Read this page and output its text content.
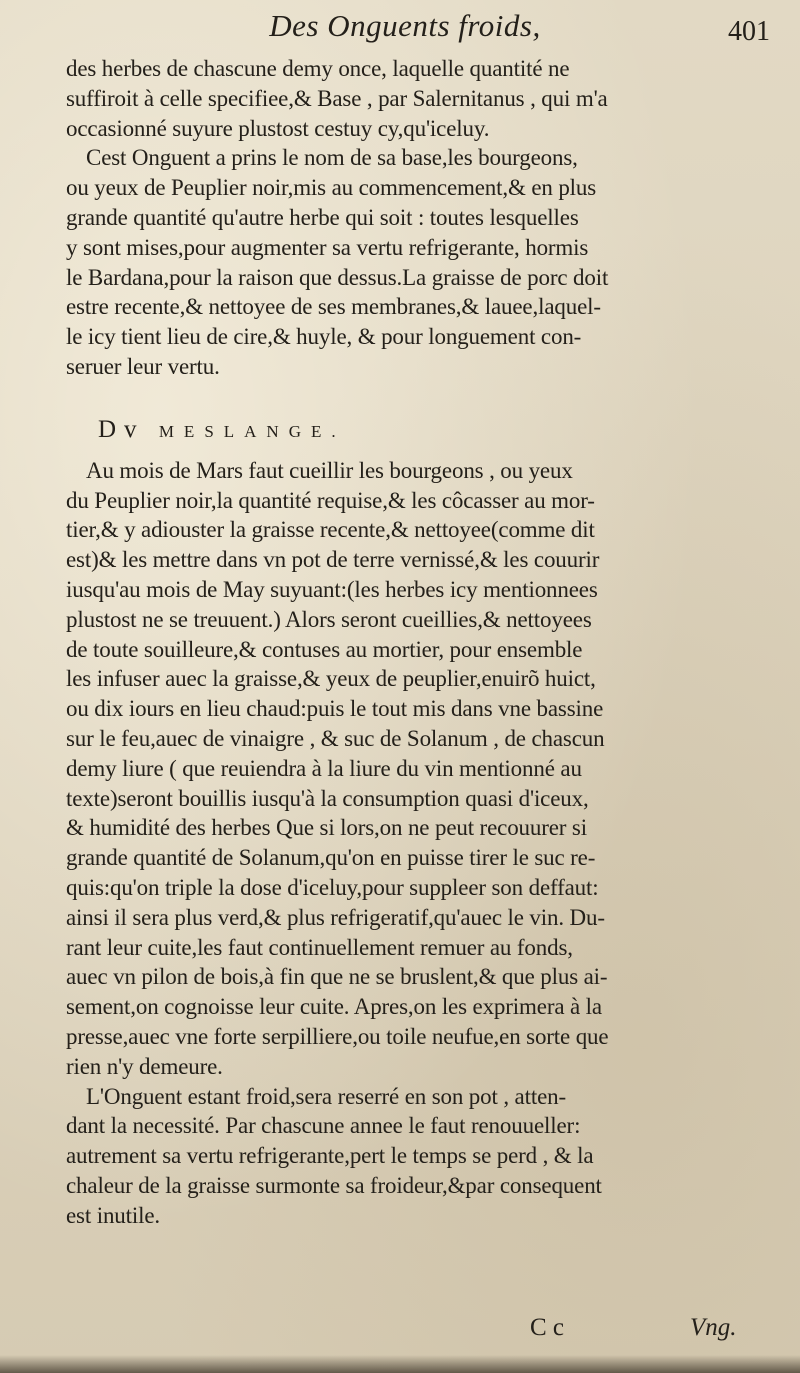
Des Onguents froids,	401
des herbes de chascune demy once, laquelle quantité ne
suffiroit à celle specifiee,& Base , par Salernitanus , qui m'a
occasionné suyure plustost cestuy cy,qu'iceluy.
Cest Onguent a prins le nom de sa base,les bourgeons,
ou yeux de Peuplier noir,mis au commencement,& en plus
grande quantité qu'autre herbe qui soit : toutes lesquelles
y sont mises,pour augmenter sa vertu refrigerante, hormis
le Bardana,pour la raison que dessus.La graisse de porc doit
estre recente,& nettoyee de ses membranes,& lauee,laquel-
le icy tient lieu de cire,& huyle, & pour longuement con-
seruer leur vertu.
Dv MESLANGE.
Au mois de Mars faut cueillir les bourgeons , ou yeux
du Peuplier noir,la quantité requise,& les côcasser au mor-
tier,& y adiouster la graisse recente,& nettoyee(comme dit
est)& les mettre dans vn pot de terre vernissé,& les couurir
iusqu'au mois de May suyuant:(les herbes icy mentionnees
plustost ne se treuuent.) Alors seront cueillies,& nettoyees
de toute souilleure,& contuses au mortier, pour ensemble
les infuser auec la graisse,& yeux de peuplier,enuirõ huict,
ou dix iours en lieu chaud:puis le tout mis dans vne bassine
sur le feu,auec de vinaigre , & suc de Solanum , de chascun
demy liure ( que reuiendra à la liure du vin mentionné au
texte)seront bouillis iusqu'à la consumption quasi d'iceux,
& humidité des herbes Que si lors,on ne peut recouurer si
grande quantité de Solanum,qu'on en puisse tirer le suc re-
quis:qu'on triple la dose d'iceluy,pour suppleer son deffaut:
ainsi il sera plus verd,& plus refrigeratif,qu'auec le vin. Du-
rant leur cuite,les faut continuellement remuer au fonds,
auec vn pilon de bois,à fin que ne se bruslent,& que plus ai-
sement,on cognoisse leur cuite. Apres,on les exprimera à la
presse,auec vne forte serpilliere,ou toile neufue,en sorte que
rien n'y demeure.
L'Onguent estant froid,sera reserré en son pot , atten-
dant la necessité. Par chascune annee le faut renouueller:
autrement sa vertu refrigerante,pert le temps se perd , & la
chaleur de la graisse surmonte sa froideur,&par consequent
est inutile.
C c	Vng.
